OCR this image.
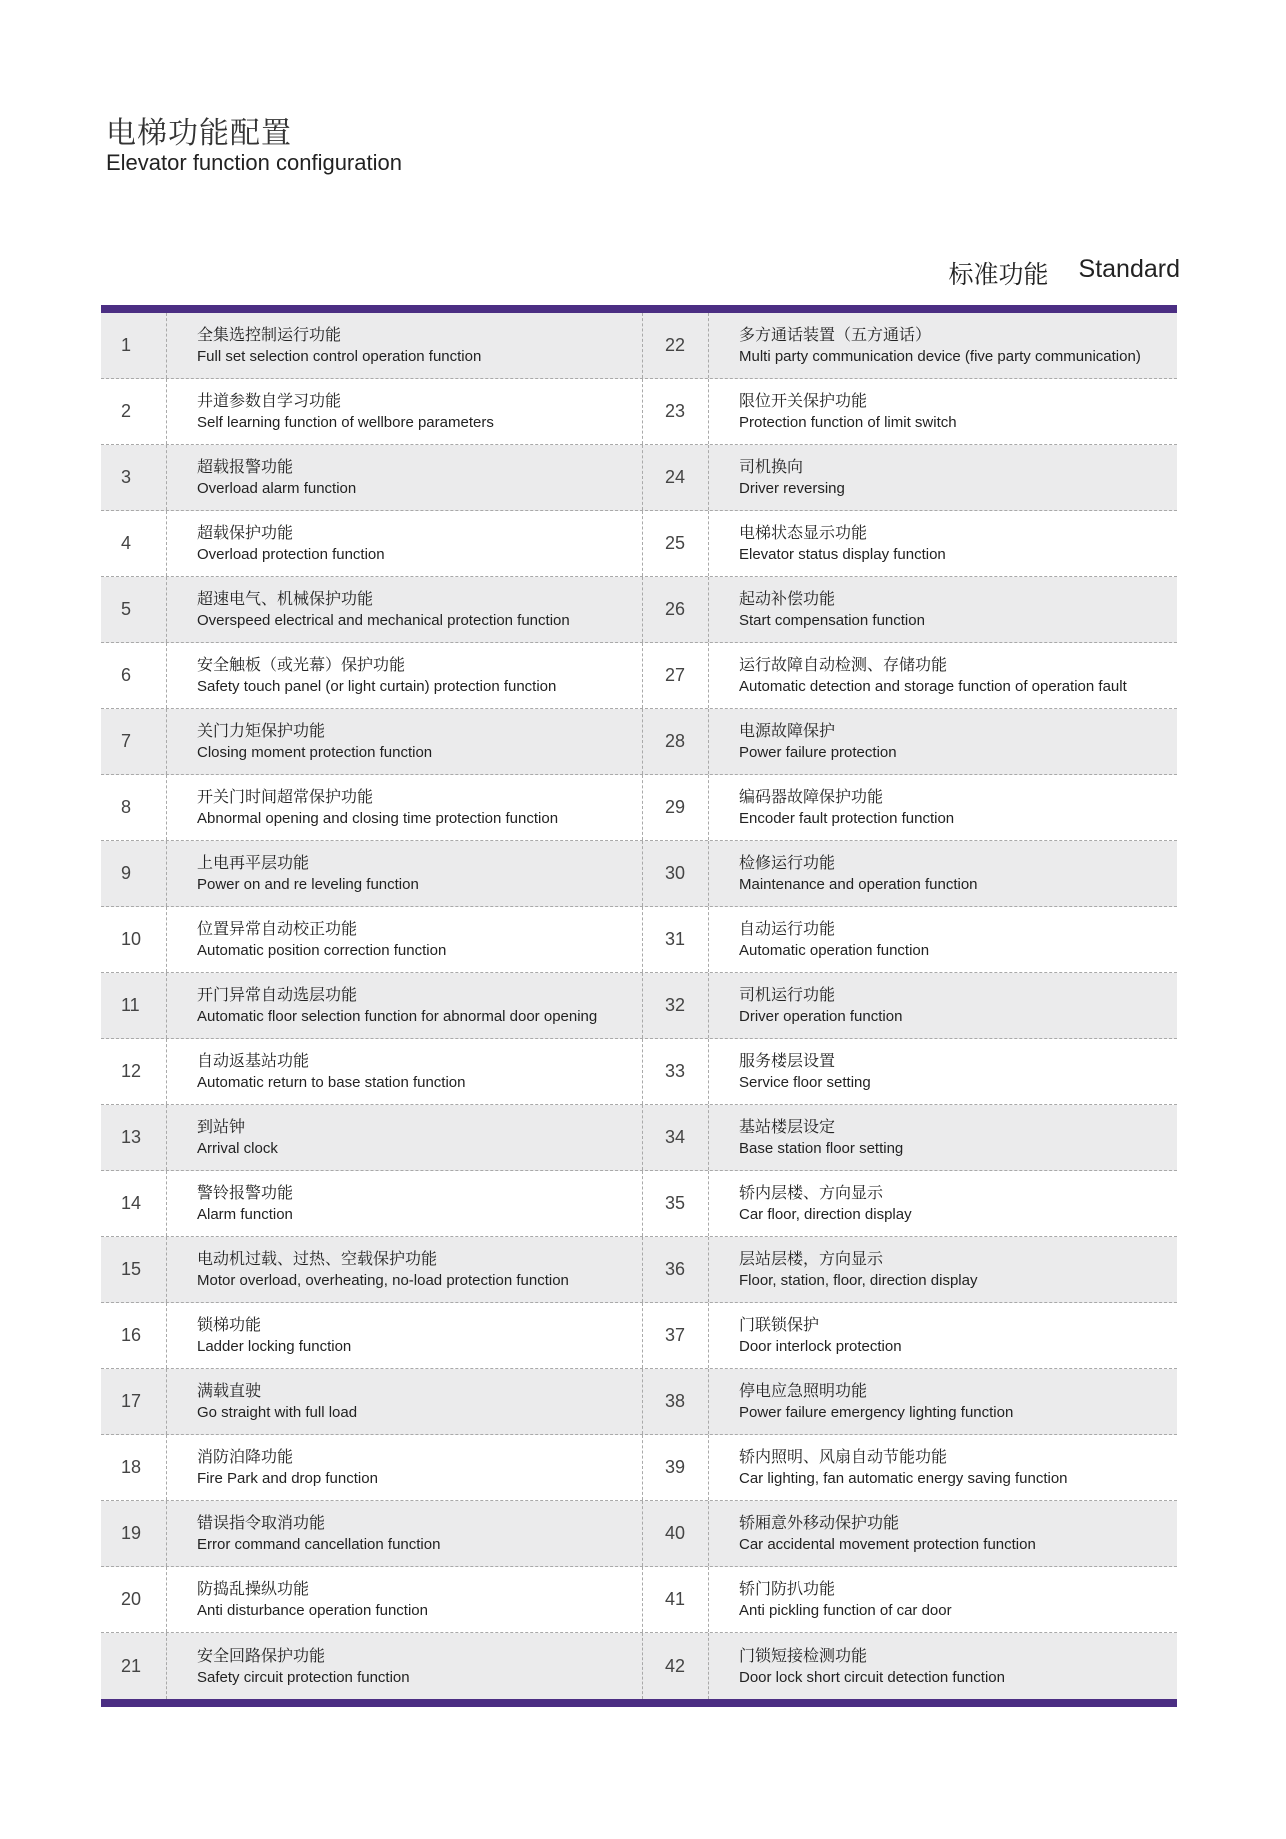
电梯功能配置
Elevator function configuration
标准功能 Standard
1
全集选控制运行功能
Full set selection control operation function
22
多方通话装置（五方通话）
Multi party communication device (five party communication)
2
井道参数自学习功能
Self learning function of wellbore parameters
23
限位开关保护功能
Protection function of limit switch
3
超载报警功能
Overload alarm function
24
司机换向
Driver reversing
4
超载保护功能
Overload protection function
25
电梯状态显示功能
Elevator status display function
5
超速电气、机械保护功能
Overspeed electrical and mechanical protection function
26
起动补偿功能
Start compensation function
6
安全触板（或光幕）保护功能
Safety touch panel (or light curtain) protection function
27
运行故障自动检测、存储功能
Automatic detection and storage function of operation fault
7
关门力矩保护功能
Closing moment protection function
28
电源故障保护
Power failure protection
8
开关门时间超常保护功能
Abnormal opening and closing time protection function
29
编码器故障保护功能
Encoder fault protection function
9
上电再平层功能
Power on and re leveling function
30
检修运行功能
Maintenance and operation function
10
位置异常自动校正功能
Automatic position correction function
31
自动运行功能
Automatic operation function
11
开门异常自动选层功能
Automatic floor selection function for abnormal door opening
32
司机运行功能
Driver operation function
12
自动返基站功能
Automatic return to base station function
33
服务楼层设置
Service floor setting
13
到站钟
Arrival clock
34
基站楼层设定
Base station floor setting
14
警铃报警功能
Alarm function
35
轿内层楼、方向显示
Car floor, direction display
15
电动机过载、过热、空载保护功能
Motor overload, overheating, no-load protection function
36
层站层楼，方向显示
Floor, station, floor, direction display
16
锁梯功能
Ladder locking function
37
门联锁保护
Door interlock protection
17
满载直驶
Go straight with full load
38
停电应急照明功能
Power failure emergency lighting function
18
消防泊降功能
Fire Park and drop function
39
轿内照明、风扇自动节能功能
Car lighting, fan automatic energy saving function
19
错误指令取消功能
Error command cancellation function
40
轿厢意外移动保护功能
Car accidental movement protection function
20
防捣乱操纵功能
Anti disturbance operation function
41
轿门防扒功能
Anti pickling function of car door
21
安全回路保护功能
Safety circuit protection function
42
门锁短接检测功能
Door lock short circuit detection function
